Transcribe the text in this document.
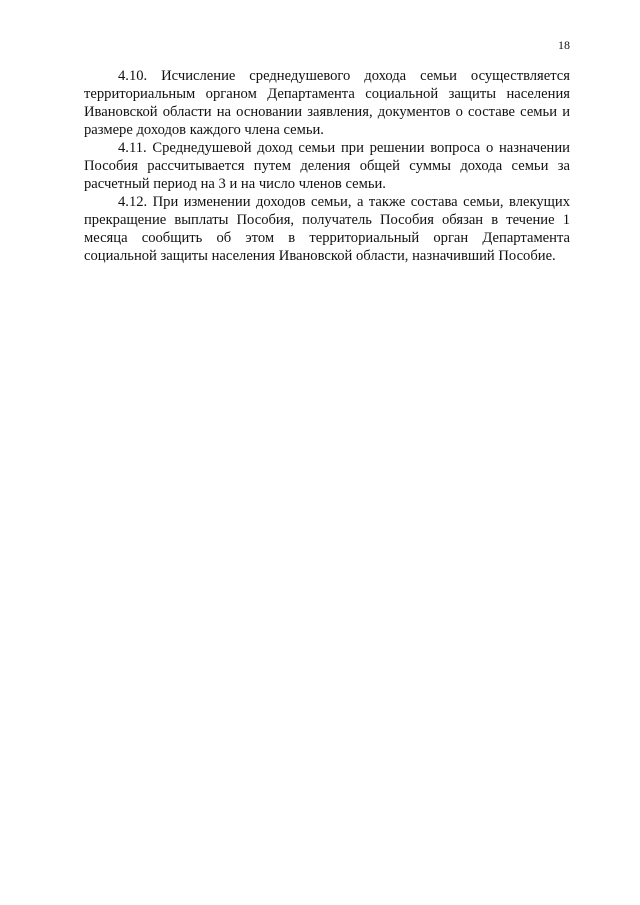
18

4.10. Исчисление среднедушевого дохода семьи осуществляется территориальным органом Департамента социальной защиты населения Ивановской области на основании заявления, документов о составе семьи и размере доходов каждого члена семьи.

4.11. Среднедушевой доход семьи при решении вопроса о назначении Пособия рассчитывается путем деления общей суммы дохода семьи за расчетный период на 3 и на число членов семьи.

4.12. При изменении доходов семьи, а также состава семьи, влекущих прекращение выплаты Пособия, получатель Пособия обязан в течение 1 месяца сообщить об этом в территориальный орган Департамента социальной защиты населения Ивановской области, назначивший Пособие.
